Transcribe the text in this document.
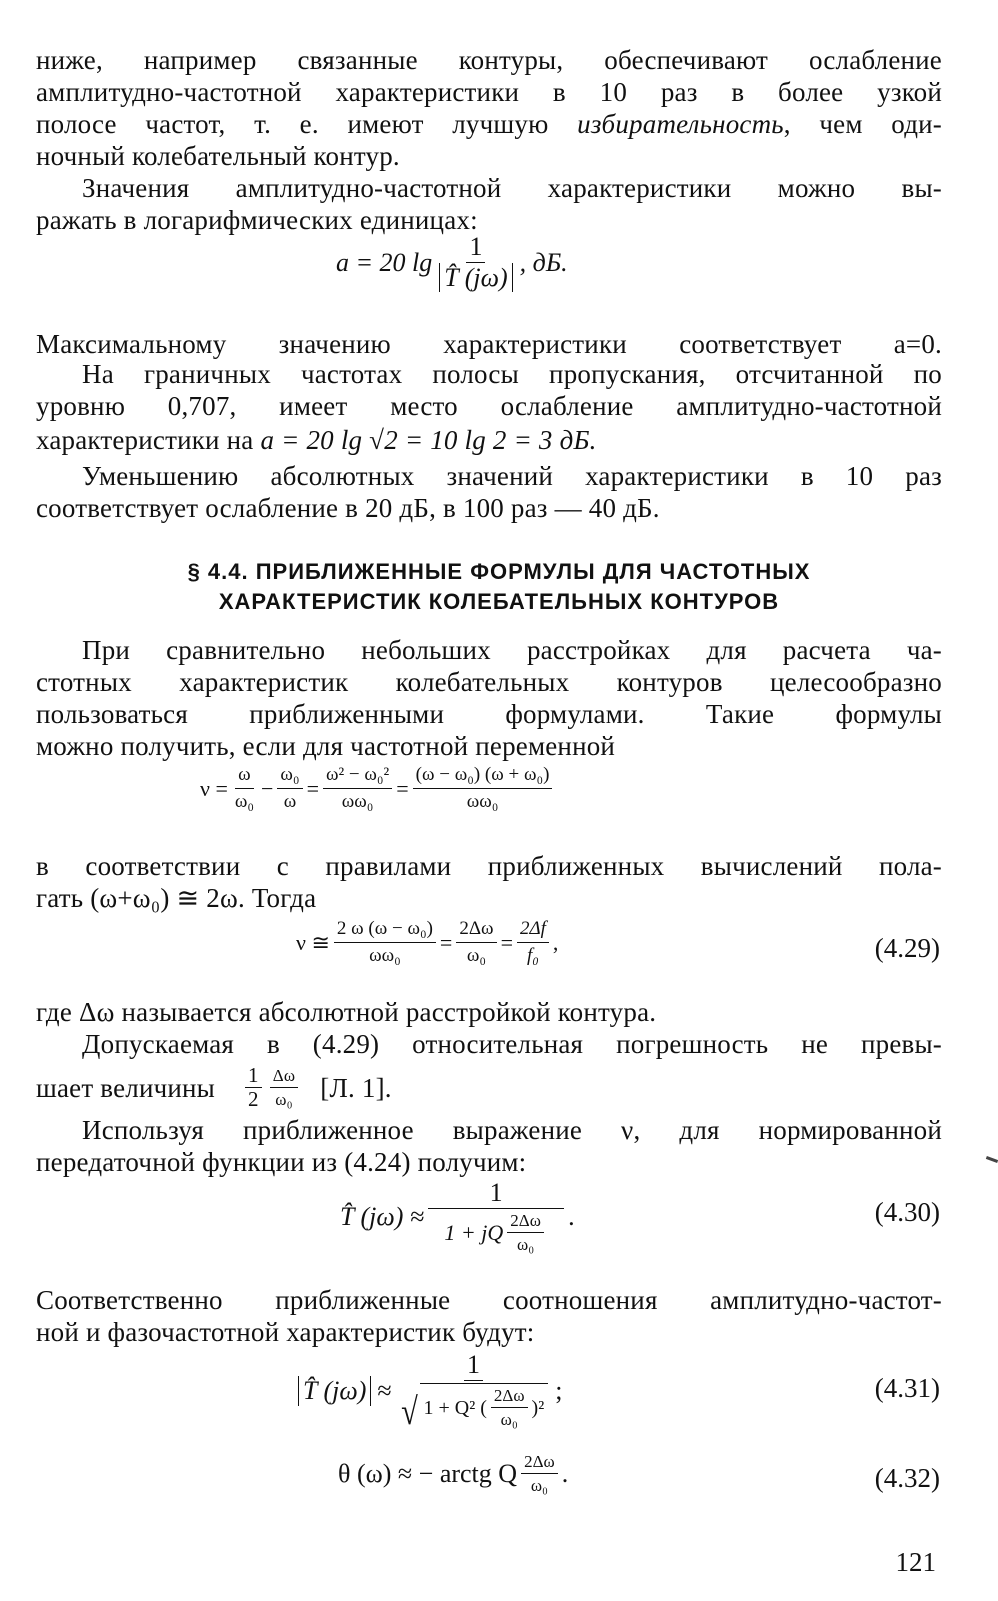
ниже, например связанные контуры, обеспечивают ослабление
амплитудно-частотной характеристики в 10 раз в более узкой
полосе частот, т. е. имеют лучшую избирательность, чем оди-
ночный колебательный контур.
Значения амплитудно-частотной характеристики можно вы-
ражать в логарифмических единицах:
a = 20 $\lg \frac{1}{T̂ (j\omega)}$ , дБ.
Максимальному значению характеристики соответствует a=0.
На граничных частотах полосы пропускания, отсчитанной по
уровню 0,707, имеет место ослабление амплитудно-частотной
характеристики на a = 20 lg √2 = 10 lg 2 = 3 дБ.
Уменьшению абсолютных значений характеристики в 10 раз
соответствует ослабление в 20 дБ, в 100 раз — 40 дБ.
§ 4.4. ПРИБЛИЖЕННЫЕ ФОРМУЛЫ ДЛЯ ЧАСТОТНЫХ
ХАРАКТЕРИСТИК КОЛЕБАТЕЛЬНЫХ КОНТУРОВ
При сравнительно небольших расстройках для расчета ча-
стотных характеристик колебательных контуров целесообразно
пользоваться приближенными формулами. Такие формулы
можно получить, если для частотной переменной
$\nu = \frac{\omega}{\text{ω₀}} - \frac{\text{ω₀}}{\omega} = \frac{\text{ω² − ω₀²}}{\text{ωω₀}} = \frac{\text{(ω − ω₀) (ω + ω₀)}}{\text{ωω₀}}$
в соответствии с правилами приближенных вычислений пола-
гать (ω+ω₀) ≅ 2ω. Тогда
ν ≅ $\frac{\text{2 ω (ω − ω₀)}}{\text{ωω₀}} = \frac{2\Delta\omega}{\text{ω₀}} = \frac{2\Delta f}{\text{f₀}}$ ,	(4.29)
где Δω называется абсолютной расстройкой контура.
Допускаемая в (4.29) относительная погрешность не превы-
шает величины $\frac{1}{2} \frac{\Delta\omega}{\text{ω₀}} [Л$. 1].
Используя приближенное выражение ν, для нормированной
передаточной функции из (4.24) получим:
T̂ $(j\omega) \approx \frac{1}{1 + jQ \frac{2\Delta\omega}{\text{ω₀}}}$ .	(4.30)
Соответственно приближенные соотношения амплитудно-частот-
ной и фазочастотной характеристик будут:
T̂ (jω) ≈
1
√ 1 + Q² ( $\frac{2\Delta\omega}{\text{ω₀}} )^2$
;	(4.31)
θ (ω) ≈ − arctg Q $\frac{2\Delta\omega}{\text{ω₀}}$ .	(4.32)
121
